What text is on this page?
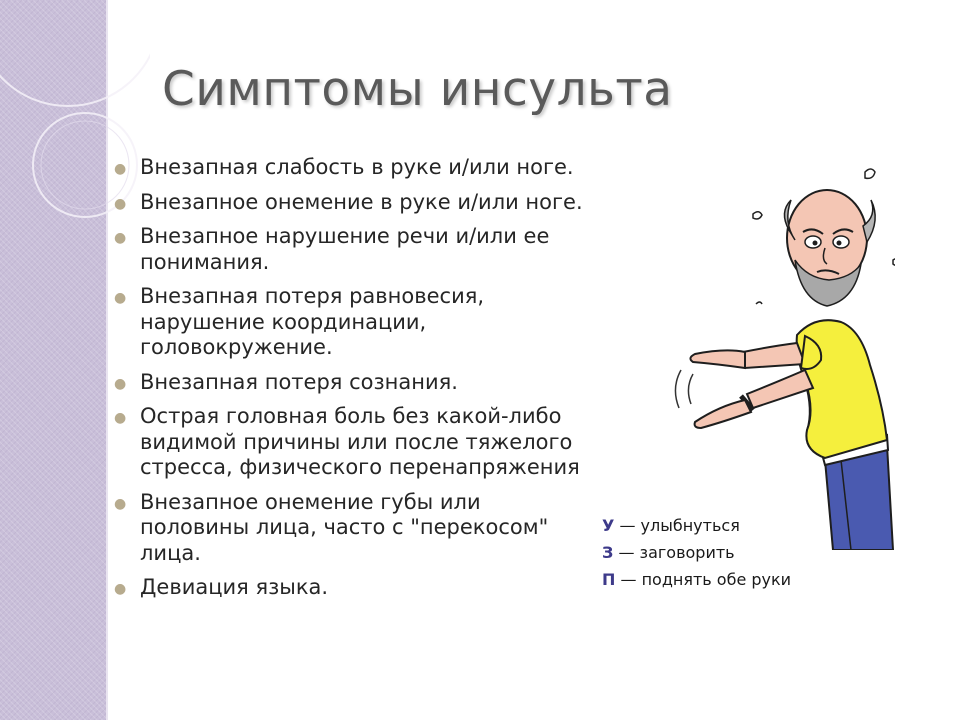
Симптомы инсульта
● Внезапная слабость в руке и/или ноге.
● Внезапное онемение в руке и/или ноге.
● Внезапное нарушение речи и/или ее понимания.
● Внезапная потеря равновесия, нарушение координации, головокружение.
● Внезапная потеря сознания.
● Острая головная боль без какой-либо видимой причины или после тяжелого стресса, физического перенапряжения
● Внезапное онемение губы или половины лица, часто с "перекосом" лица.
● Девиация языка.
У — улыбнуться
З — заговорить
П — поднять обе руки
